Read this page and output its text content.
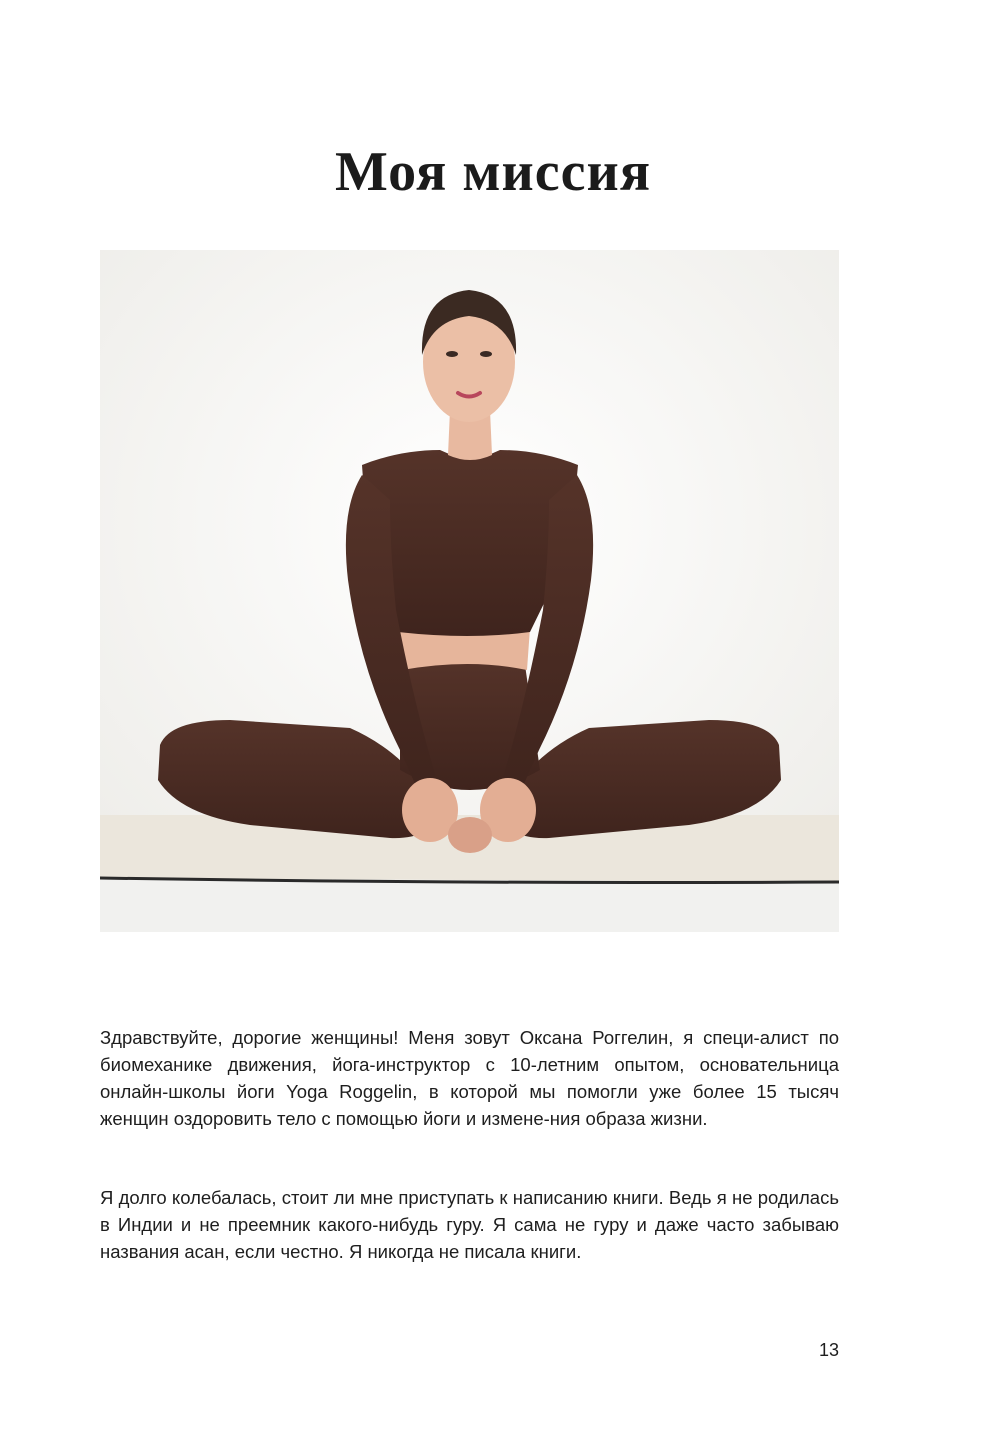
Моя миссия

Здравствуйте, дорогие женщины! Меня зовут Оксана Роггелин, я специ-алист по биомеханике движения, йога-инструктор с 10-летним опытом, основательница онлайн-школы йоги Yoga Roggelin, в которой мы помогли уже более 15 тысяч женщин оздоровить тело с помощью йоги и измене-ния образа жизни.

Я долго колебалась, стоит ли мне приступать к написанию книги. Ведь я не родилась в Индии и не преемник какого-нибудь гуру. Я сама не гуру и даже часто забываю названия асан, если честно. Я никогда не писала книги.

13
